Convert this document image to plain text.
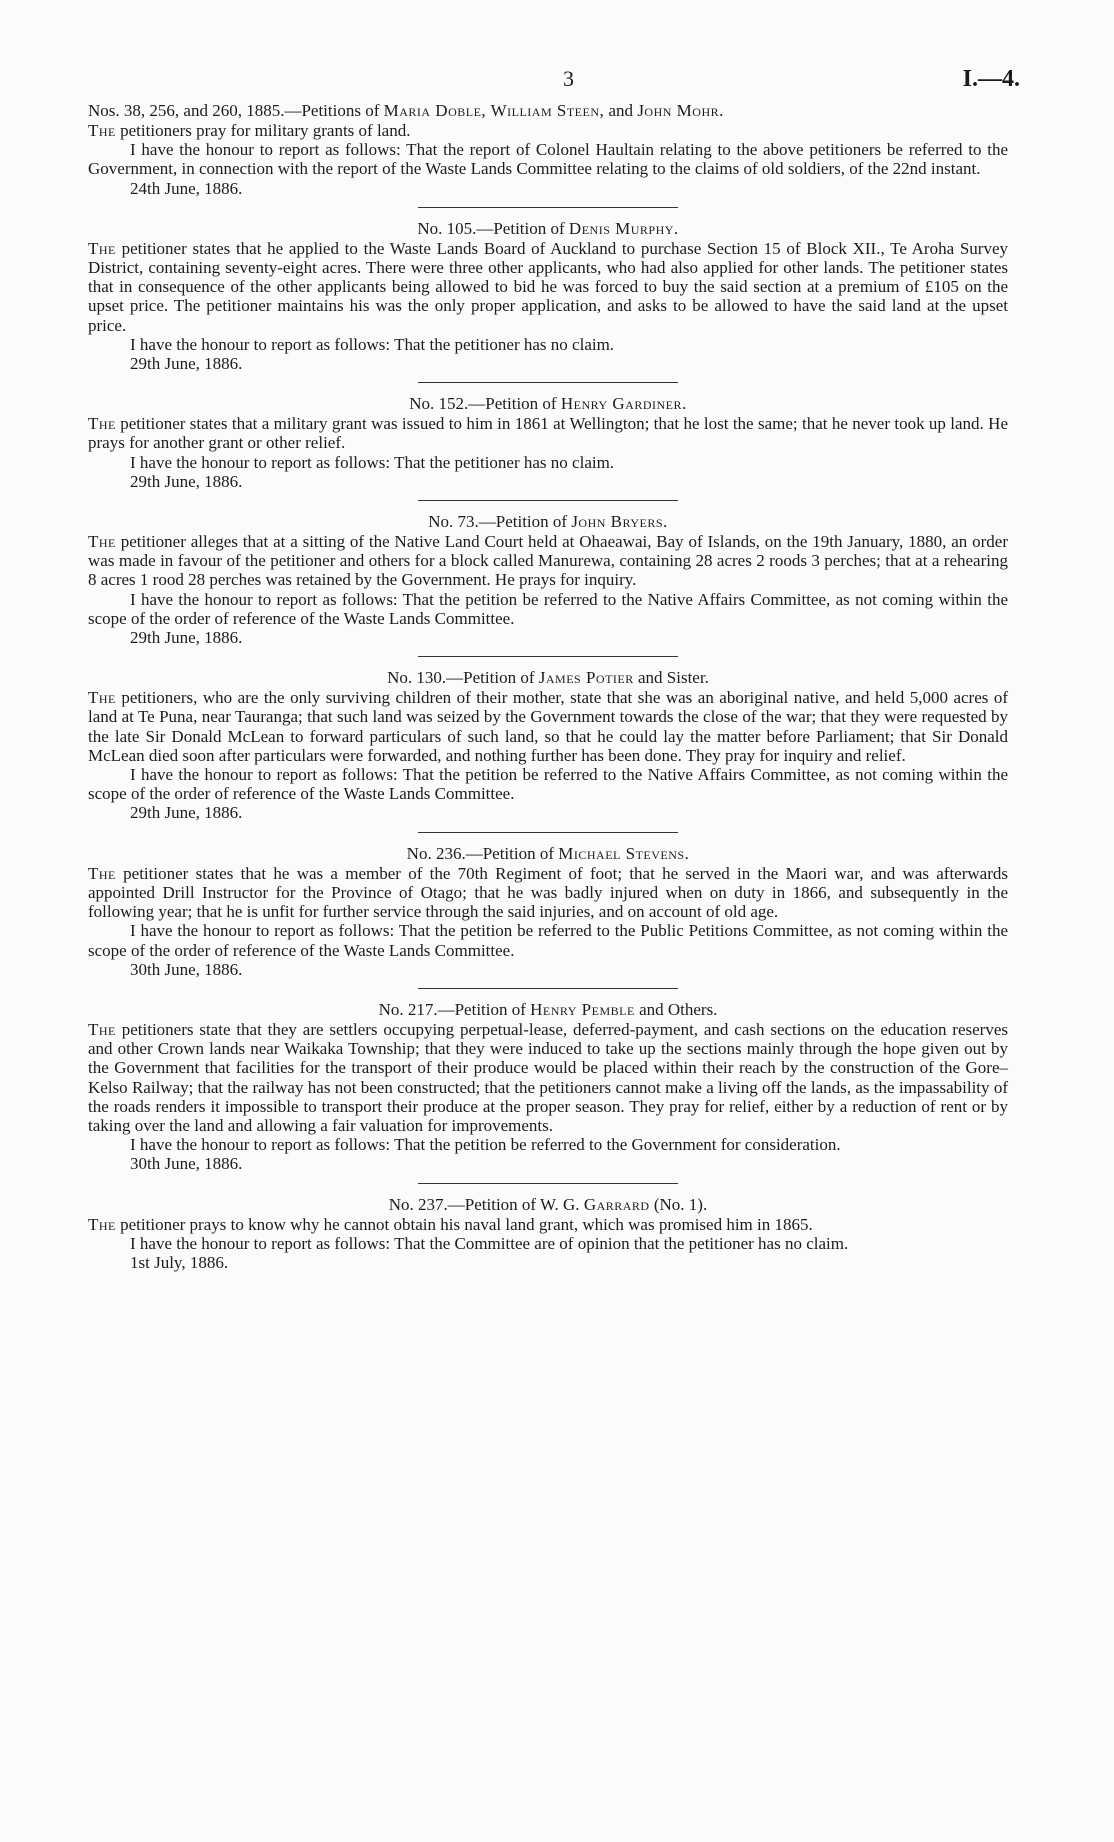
3	I.—4.

Nos. 38, 256, and 260, 1885.—Petitions of Maria Doble, William Steen, and John Mohr.

The petitioners pray for military grants of land.

I have the honour to report as follows: That the report of Colonel Haultain relating to the above petitioners be referred to the Government, in connection with the report of the Waste Lands Committee relating to the claims of old soldiers, of the 22nd instant.

24th June, 1886.

No. 105.—Petition of Denis Murphy.

The petitioner states that he applied to the Waste Lands Board of Auckland to purchase Section 15 of Block XII., Te Aroha Survey District, containing seventy-eight acres. There were three other applicants, who had also applied for other lands. The petitioner states that in consequence of the other applicants being allowed to bid he was forced to buy the said section at a premium of £105 on the upset price. The petitioner maintains his was the only proper application, and asks to be allowed to have the said land at the upset price.

I have the honour to report as follows: That the petitioner has no claim.

29th June, 1886.

No. 152.—Petition of Henry Gardiner.

The petitioner states that a military grant was issued to him in 1861 at Wellington; that he lost the same; that he never took up land. He prays for another grant or other relief.

I have the honour to report as follows: That the petitioner has no claim.

29th June, 1886.

No. 73.—Petition of John Bryers.

The petitioner alleges that at a sitting of the Native Land Court held at Ohaeawai, Bay of Islands, on the 19th January, 1880, an order was made in favour of the petitioner and others for a block called Manurewa, containing 28 acres 2 roods 3 perches; that at a rehearing 8 acres 1 rood 28 perches was retained by the Government. He prays for inquiry.

I have the honour to report as follows: That the petition be referred to the Native Affairs Committee, as not coming within the scope of the order of reference of the Waste Lands Committee.

29th June, 1886.

No. 130.—Petition of James Potier and Sister.

The petitioners, who are the only surviving children of their mother, state that she was an aboriginal native, and held 5,000 acres of land at Te Puna, near Tauranga; that such land was seized by the Government towards the close of the war; that they were requested by the late Sir Donald McLean to forward particulars of such land, so that he could lay the matter before Parliament; that Sir Donald McLean died soon after particulars were forwarded, and nothing further has been done. They pray for inquiry and relief.

I have the honour to report as follows: That the petition be referred to the Native Affairs Committee, as not coming within the scope of the order of reference of the Waste Lands Committee.

29th June, 1886.

No. 236.—Petition of Michael Stevens.

The petitioner states that he was a member of the 70th Regiment of foot; that he served in the Maori war, and was afterwards appointed Drill Instructor for the Province of Otago; that he was badly injured when on duty in 1866, and subsequently in the following year; that he is unfit for further service through the said injuries, and on account of old age.

I have the honour to report as follows: That the petition be referred to the Public Petitions Committee, as not coming within the scope of the order of reference of the Waste Lands Committee.

30th June, 1886.

No. 217.—Petition of Henry Pemble and Others.

The petitioners state that they are settlers occupying perpetual-lease, deferred-payment, and cash sections on the education reserves and other Crown lands near Waikaka Township; that they were induced to take up the sections mainly through the hope given out by the Government that facilities for the transport of their produce would be placed within their reach by the construction of the Gore–Kelso Railway; that the railway has not been constructed; that the petitioners cannot make a living off the lands, as the impassability of the roads renders it impossible to transport their produce at the proper season. They pray for relief, either by a reduction of rent or by taking over the land and allowing a fair valuation for improvements.

I have the honour to report as follows: That the petition be referred to the Government for consideration.

30th June, 1886.

No. 237.—Petition of W. G. Garrard (No. 1).

The petitioner prays to know why he cannot obtain his naval land grant, which was promised him in 1865.

I have the honour to report as follows: That the Committee are of opinion that the petitioner has no claim.

1st July, 1886.
